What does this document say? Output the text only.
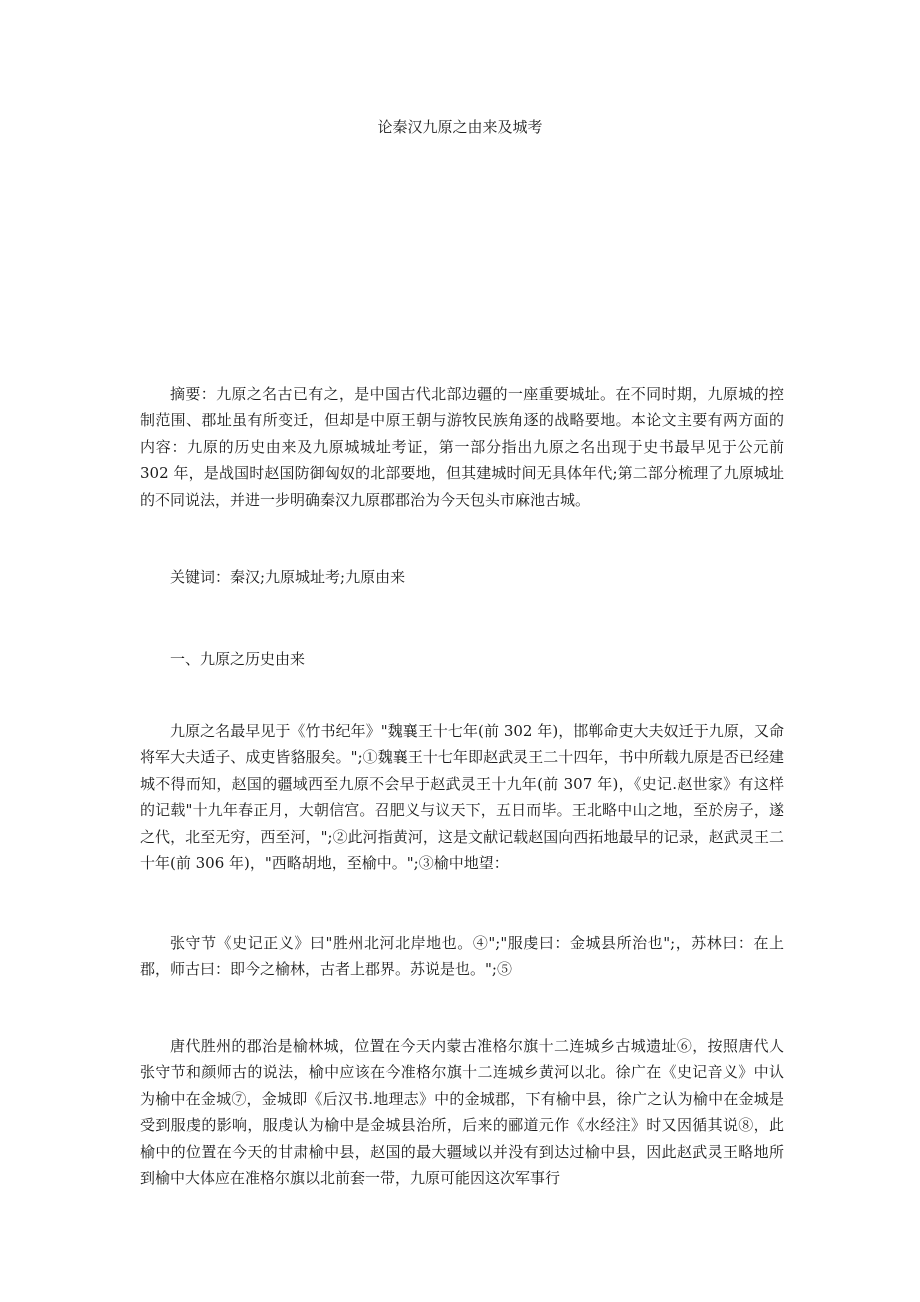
论秦汉九原之由来及城考

摘要：九原之名古已有之，是中国古代北部边疆的一座重要城址。在不同时期，九原城的控制范围、郡址虽有所变迁，但却是中原王朝与游牧民族角逐的战略要地。本论文主要有两方面的内容：九原的历史由来及九原城城址考证，第一部分指出九原之名出现于史书最早见于公元前 302 年，是战国时赵国防御匈奴的北部要地，但其建城时间无具体年代;第二部分梳理了九原城址的不同说法，并进一步明确秦汉九原郡郡治为今天包头市麻池古城。

关键词：秦汉;九原城址考;九原由来

一、九原之历史由来

九原之名最早见于《竹书纪年》"魏襄王十七年(前 302 年)，邯郸命吏大夫奴迁于九原，又命将军大夫适子、成吏皆貉服矣。";①魏襄王十七年即赵武灵王二十四年，书中所载九原是否已经建城不得而知，赵国的疆域西至九原不会早于赵武灵王十九年(前 307 年)，《史记.赵世家》有这样的记载"十九年春正月，大朝信宫。召肥义与议天下，五日而毕。王北略中山之地，至於房子，遂之代，北至无穷，西至河，";②此河指黄河，这是文献记载赵国向西拓地最早的记录，赵武灵王二十年(前 306 年)，"西略胡地，至榆中。";③榆中地望：

张守节《史记正义》曰"胜州北河北岸地也。④";"服虔曰：金城县所治也";，苏林曰：在上郡，师古曰：即今之榆林，古者上郡界。苏说是也。";⑤

唐代胜州的郡治是榆林城，位置在今天内蒙古准格尔旗十二连城乡古城遗址⑥，按照唐代人张守节和颜师古的说法，榆中应该在今准格尔旗十二连城乡黄河以北。徐广在《史记音义》中认为榆中在金城⑦，金城即《后汉书.地理志》中的金城郡，下有榆中县，徐广之认为榆中在金城是受到服虔的影响，服虔认为榆中是金城县治所，后来的郦道元作《水经注》时又因循其说⑧，此榆中的位置在今天的甘肃榆中县，赵国的最大疆域以并没有到达过榆中县，因此赵武灵王略地所到榆中大体应在准格尔旗以北前套一带，九原可能因这次军事行
